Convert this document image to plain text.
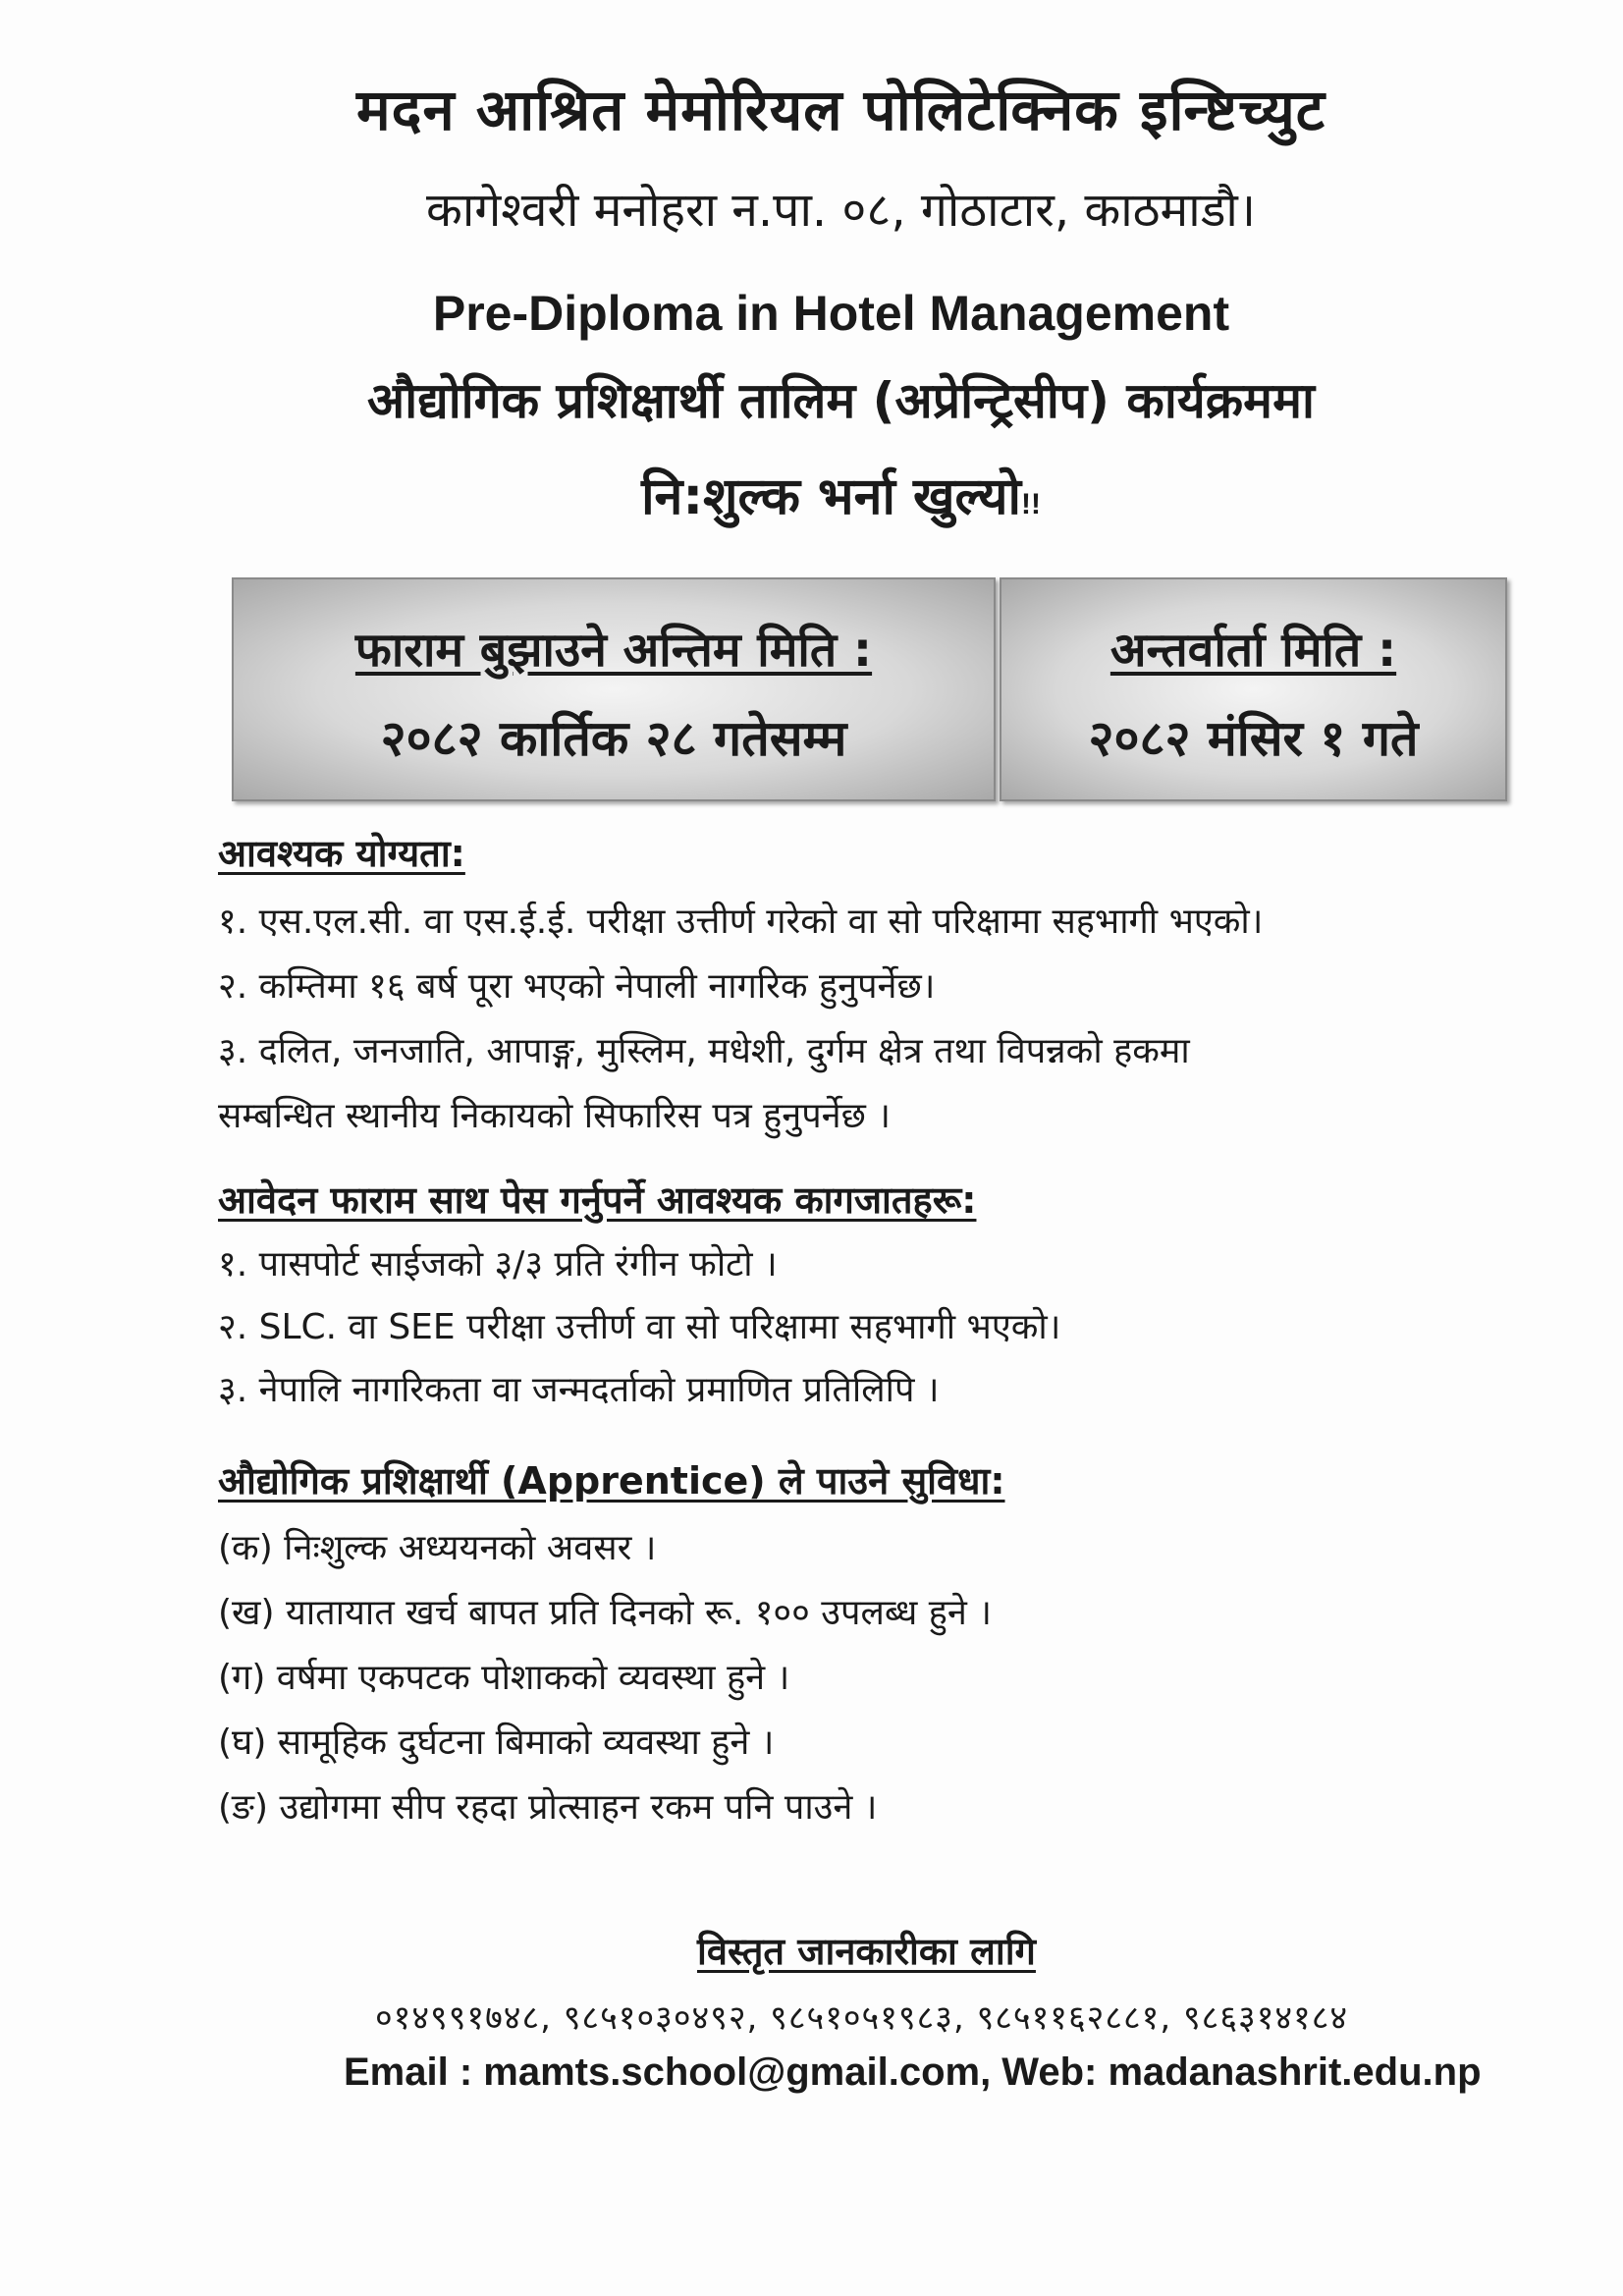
मदन आश्रित मेमोरियल पोलिटेक्निक इन्ष्टिच्युट
कागेश्वरी मनोहरा न.पा. ०८, गोठाटार, काठमाडौ।
Pre-Diploma in Hotel Management
औद्योगिक प्रशिक्षार्थी तालिम (अप्रेन्ट्रिसीप) कार्यक्रममा
नि:शुल्क भर्ना खुल्यो!!
फाराम बुझाउने अन्तिम मिति :
२०८२ कार्तिक २८ गतेसम्म
अन्तर्वार्ता मिति :
२०८२ मंसिर १ गते

आवश्यक योग्यता:

१. एस.एल.सी. वा एस.ई.ई. परीक्षा उत्तीर्ण गरेको वा सो परिक्षामा सहभागी भएको।

२. कम्तिमा १६ बर्ष पूरा भएको नेपाली नागरिक हुनुपर्नेछ।

३. दलित, जनजाति, आपाङ्ग, मुस्लिम, मधेशी, दुर्गम क्षेत्र तथा विपन्नको हकमा

सम्बन्धित स्थानीय निकायको सिफारिस पत्र हुनुपर्नेछ ।

आवेदन फाराम साथ पेस गर्नुपर्ने आवश्यक कागजातहरू:

१. पासपोर्ट साईजको ३/३ प्रति रंगीन फोटो ।

२. SLC. वा SEE परीक्षा उत्तीर्ण वा सो परिक्षामा सहभागी भएको।

३. नेपालि नागरिकता वा जन्मदर्ताको प्रमाणित प्रतिलिपि ।

औद्योगिक प्रशिक्षार्थी (Apprentice) ले पाउने सुविधा:

(क) निःशुल्क अध्ययनको अवसर ।

(ख) यातायात खर्च बापत प्रति दिनको रू. १०० उपलब्ध हुने ।

(ग) वर्षमा एकपटक पोशाकको व्यवस्था हुने ।

(घ) सामूहिक दुर्घटना बिमाको व्यवस्था हुने ।

(ङ) उद्योगमा सीप रहदा प्रोत्साहन रकम पनि पाउने ।

विस्तृत जानकारीका लागि
०१४९९१७४८, ९८५१०३०४९२, ९८५१०५१९८३, ९८५११६२८८१, ९८६३१४१८४
Email : mamts.school@gmail.com, Web: madanashrit.edu.np
